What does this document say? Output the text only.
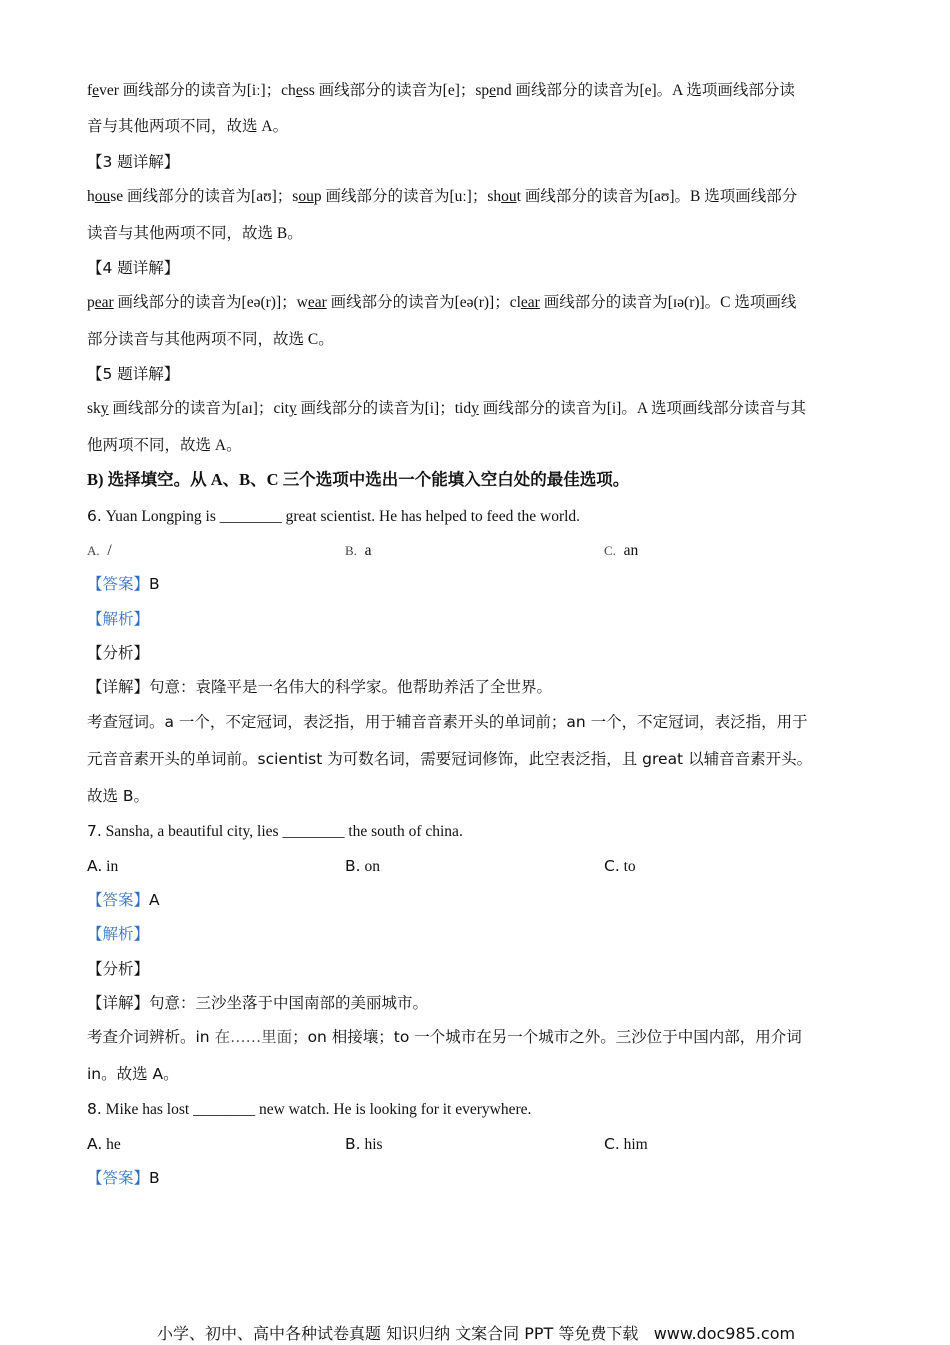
fever 画线部分的读音为[iː]；chess 画线部分的读音为[e]；spend 画线部分的读音为[e]。A 选项画线部分读
音与其他两项不同，故选 A。
【3 题详解】
house 画线部分的读音为[aʊ]；soup 画线部分的读音为[uː]；shout 画线部分的读音为[aʊ]。B 选项画线部分
读音与其他两项不同，故选 B。
【4 题详解】
pear 画线部分的读音为[eə(r)]；wear 画线部分的读音为[eə(r)]；clear 画线部分的读音为[ɪə(r)]。C 选项画线
部分读音与其他两项不同，故选 C。
【5 题详解】
sky 画线部分的读音为[aɪ]；city 画线部分的读音为[i]；tidy 画线部分的读音为[i]。A 选项画线部分读音与其
他两项不同，故选 A。
B) 选择填空。从 A、B、C 三个选项中选出一个能填入空白处的最佳选项。
6. Yuan Longping is ________ great scientist. He has helped to feed the world.
A. /	B. a	C. an
【答案】B
【解析】
【分析】
【详解】句意：袁隆平是一名伟大的科学家。他帮助养活了全世界。
考查冠词。a 一个，不定冠词，表泛指，用于辅音音素开头的单词前；an 一个，不定冠词，表泛指，用于
元音音素开头的单词前。scientist 为可数名词，需要冠词修饰，此空表泛指，且 great 以辅音音素开头。
故选 B。
7. Sansha, a beautiful city, lies ________ the south of china.
A. in	B. on	C. to
【答案】A
【解析】
【分析】
【详解】句意：三沙坐落于中国南部的美丽城市。
考查介词辨析。in 在……里面；on 相接壤；to 一个城市在另一个城市之外。三沙位于中国内部，用介词
in。故选 A。
8. Mike has lost ________ new watch. He is looking for it everywhere.
A. he	B. his	C. him
【答案】B
小学、初中、高中各种试卷真题 知识归纳 文案合同 PPT 等免费下载 www.doc985.com
